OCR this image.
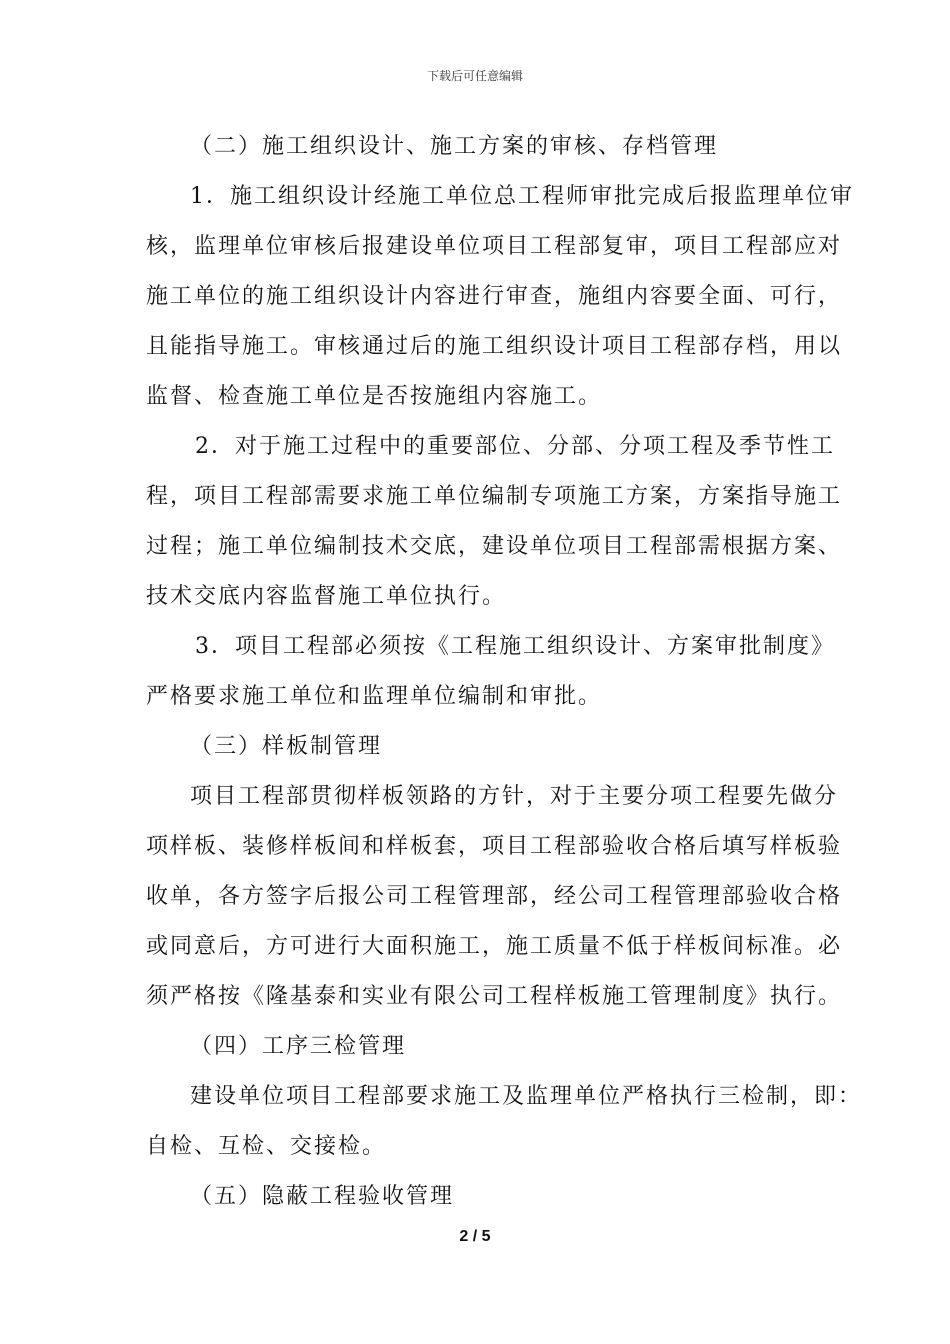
下载后可任意编辑
（二）施工组织设计、施工方案的审核、存档管理
1．施工组织设计经施工单位总工程师审批完成后报监理单位审
核，监理单位审核后报建设单位项目工程部复审，项目工程部应对
施工单位的施工组织设计内容进行审查，施组内容要全面、可行，
且能指导施工。审核通过后的施工组织设计项目工程部存档，用以
监督、检查施工单位是否按施组内容施工。
2．对于施工过程中的重要部位、分部、分项工程及季节性工
程，项目工程部需要求施工单位编制专项施工方案，方案指导施工
过程；施工单位编制技术交底，建设单位项目工程部需根据方案、
技术交底内容监督施工单位执行。
3．项目工程部必须按《工程施工组织设计、方案审批制度》
严格要求施工单位和监理单位编制和审批。
（三）样板制管理
项目工程部贯彻样板领路的方针，对于主要分项工程要先做分
项样板、装修样板间和样板套，项目工程部验收合格后填写样板验
收单，各方签字后报公司工程管理部，经公司工程管理部验收合格
或同意后，方可进行大面积施工，施工质量不低于样板间标准。必
须严格按《隆基泰和实业有限公司工程样板施工管理制度》执行。
（四）工序三检管理
建设单位项目工程部要求施工及监理单位严格执行三检制，即：
自检、互检、交接检。
（五）隐蔽工程验收管理
2 / 5
